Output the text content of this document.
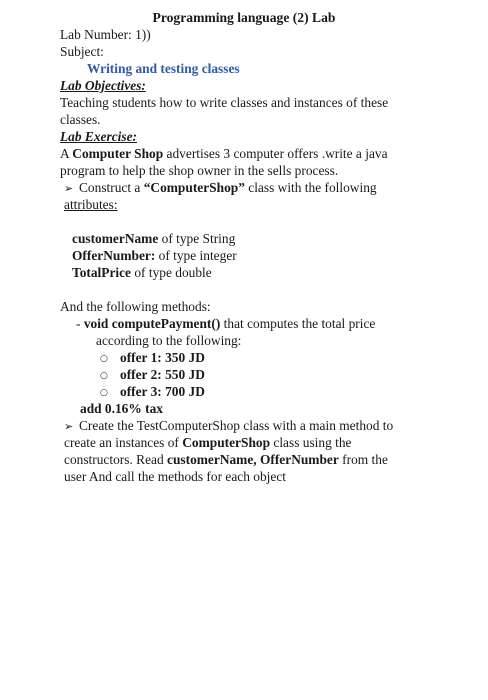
Programming language (2) Lab
Lab Number: 1))
Subject:
Writing and testing classes
Lab Objectives:
Teaching students how to write classes and instances of these
classes.
Lab Exercise:
A Computer Shop advertises 3 computer offers .write a java
program to help the shop owner in the sells process.
➢ Construct a “ComputerShop” class with the following
attributes:
customerName of type String
OfferNumber: of type integer
TotalPrice of type double
And the following methods:
- void computePayment() that computes the total price
according to the following:
○ offer 1: 350 JD
○ offer 2: 550 JD
○ offer 3: 700 JD
add 0.16% tax
➢ Create the TestComputerShop class with a main method to
create an instances of ComputerShop class using the
constructors. Read customerName, OfferNumber from the
user And call the methods for each object
